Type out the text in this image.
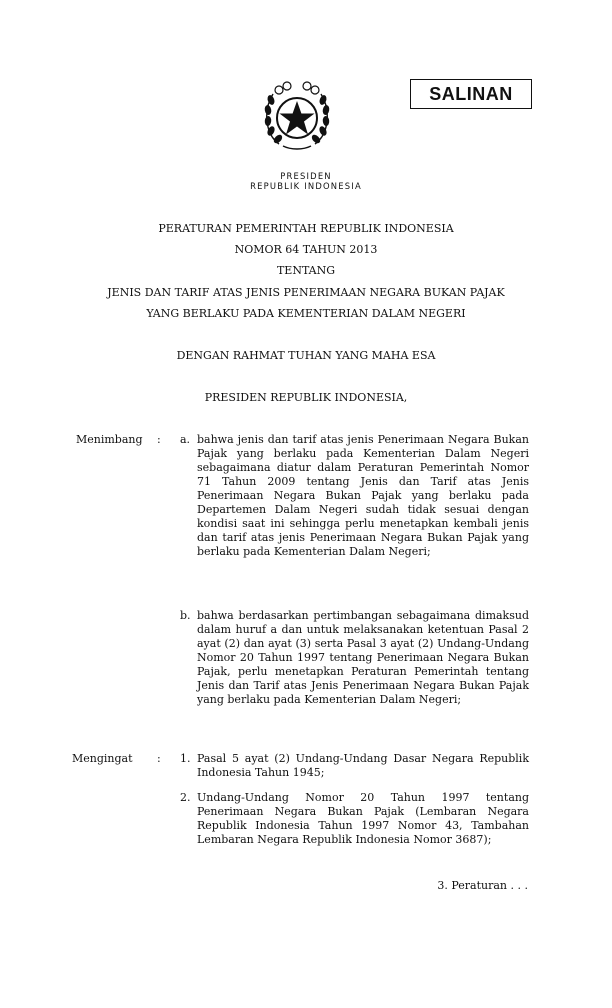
SALINAN
PRESIDEN
REPUBLIK INDONESIA
PERATURAN PEMERINTAH REPUBLIK INDONESIA
NOMOR 64 TAHUN 2013
TENTANG
JENIS DAN TARIF ATAS JENIS PENERIMAAN NEGARA BUKAN PAJAK
YANG BERLAKU PADA KEMENTERIAN DALAM NEGERI
DENGAN RAHMAT TUHAN YANG MAHA ESA
PRESIDEN REPUBLIK INDONESIA,
Menimbang : a. bahwa jenis dan tarif atas jenis Penerimaan Negara Bukan Pajak yang berlaku pada Kementerian Dalam Negeri sebagaimana diatur dalam Peraturan Pemerintah Nomor 71 Tahun 2009 tentang Jenis dan Tarif atas Jenis Penerimaan Negara Bukan Pajak yang berlaku pada Departemen Dalam Negeri sudah tidak sesuai dengan kondisi saat ini sehingga perlu menetapkan kembali jenis dan tarif atas jenis Penerimaan Negara Bukan Pajak yang berlaku pada Kementerian Dalam Negeri;
b. bahwa berdasarkan pertimbangan sebagaimana dimaksud dalam huruf a dan untuk melaksanakan ketentuan Pasal 2 ayat (2) dan ayat (3) serta Pasal 3 ayat (2) Undang-Undang Nomor 20 Tahun 1997 tentang Penerimaan Negara Bukan Pajak, perlu menetapkan Peraturan Pemerintah tentang Jenis dan Tarif atas Jenis Penerimaan Negara Bukan Pajak yang berlaku pada Kementerian Dalam Negeri;
Mengingat : 1. Pasal 5 ayat (2) Undang-Undang Dasar Negara Republik Indonesia Tahun 1945;
2. Undang-Undang Nomor 20 Tahun 1997 tentang Penerimaan Negara Bukan Pajak (Lembaran Negara Republik Indonesia Tahun 1997 Nomor 43, Tambahan Lembaran Negara Republik Indonesia Nomor 3687);
3. Peraturan . . .
